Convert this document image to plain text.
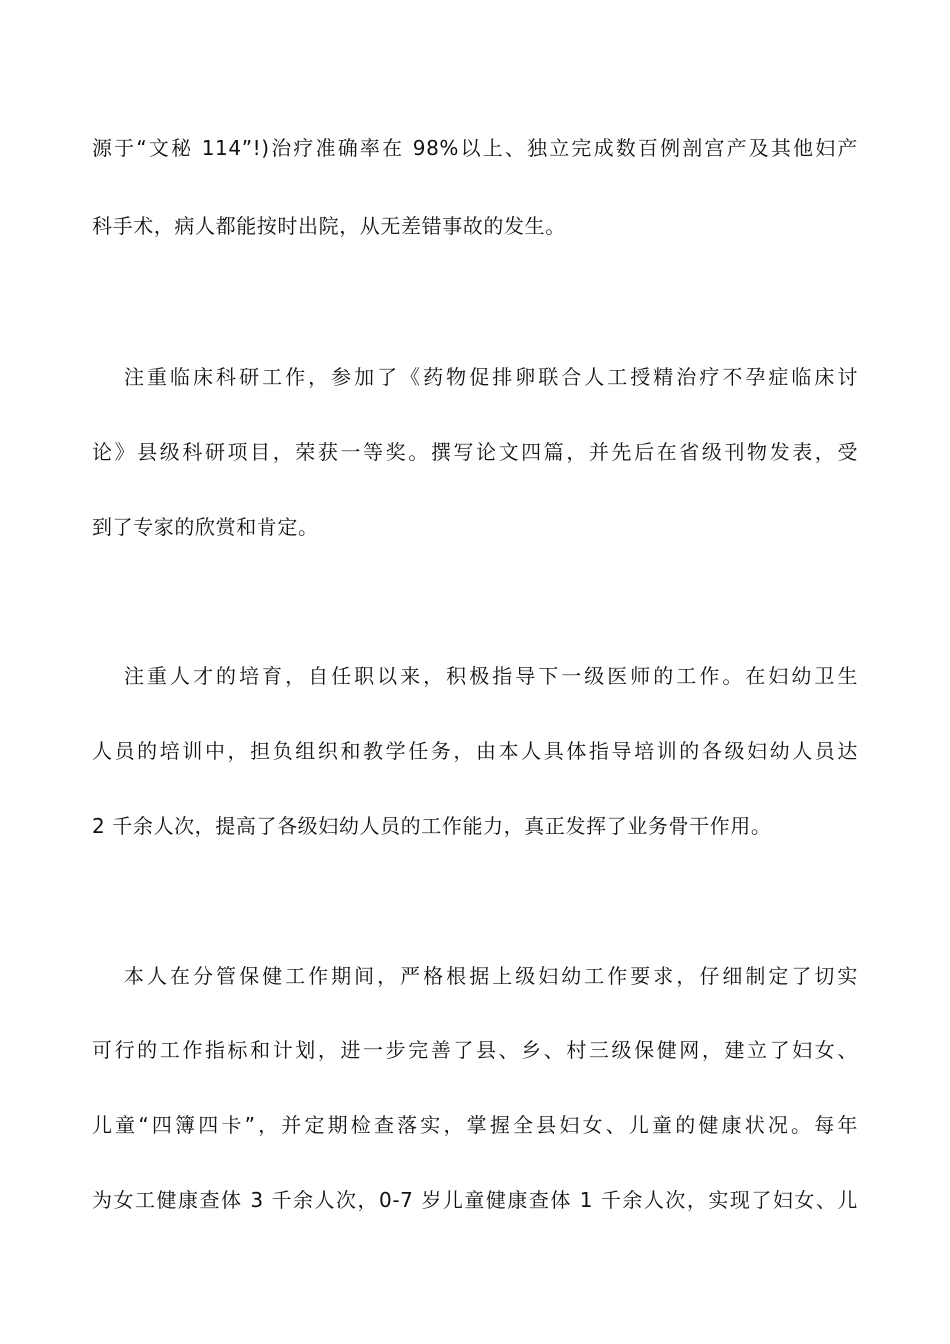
源于“文秘 114”!)治疗准确率在 98%以上、独立完成数百例剖宫产及其他妇产
科手术，病人都能按时出院，从无差错事故的发生。
注重临床科研工作，参加了《药物促排卵联合人工授精治疗不孕症临床讨
论》县级科研项目，荣获一等奖。撰写论文四篇，并先后在省级刊物发表，受
到了专家的欣赏和肯定。
注重人才的培育，自任职以来，积极指导下一级医师的工作。在妇幼卫生
人员的培训中，担负组织和教学任务，由本人具体指导培训的各级妇幼人员达
2 千余人次，提高了各级妇幼人员的工作能力，真正发挥了业务骨干作用。
本人在分管保健工作期间，严格根据上级妇幼工作要求，仔细制定了切实
可行的工作指标和计划，进一步完善了县、乡、村三级保健网，建立了妇女、
儿童“四簿四卡”，并定期检查落实，掌握全县妇女、儿童的健康状况。每年
为女工健康查体 3 千余人次，0-7 岁儿童健康查体 1 千余人次，实现了妇女、儿
